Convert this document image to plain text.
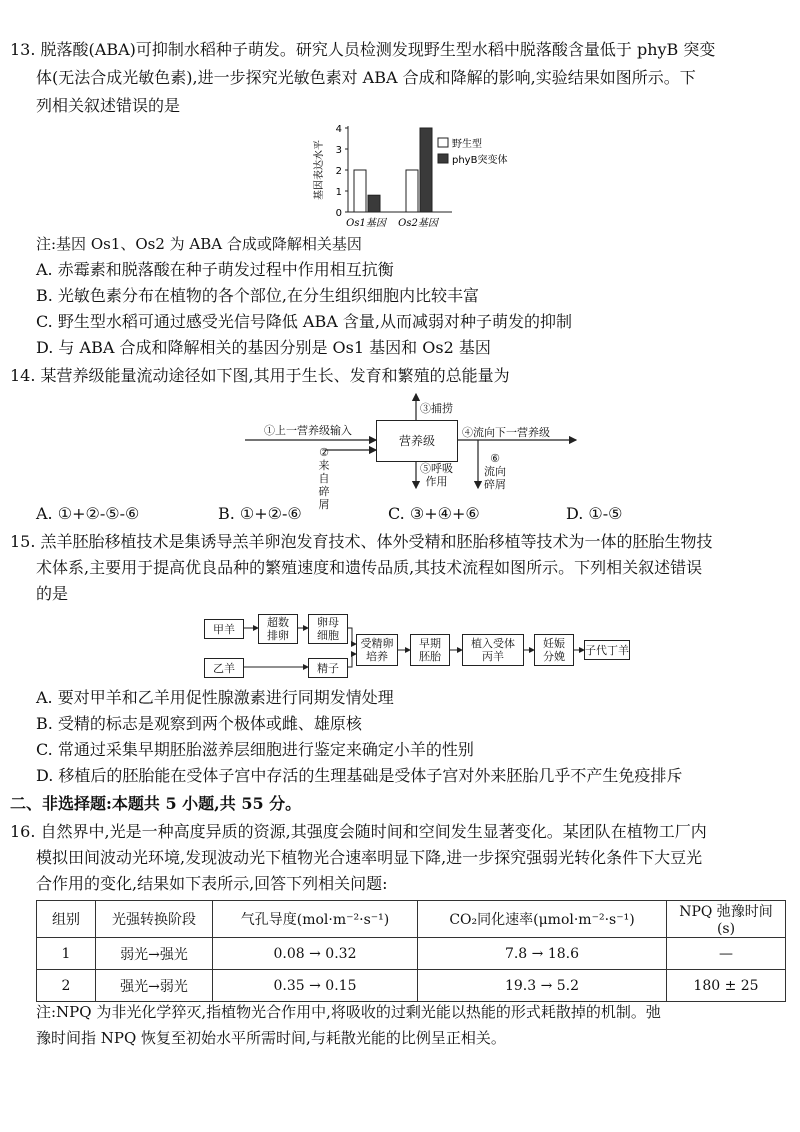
13. 脱落酸(ABA)可抑制水稻种子萌发。研究人员检测发现野生型水稻中脱落酸含量低于 phyB 突变
体(无法合成光敏色素),进一步探究光敏色素对 ABA 合成和降解的影响,实验结果如图所示。下
列相关叙述错误的是
0
1
2
3
4
基因表达水平
Os1基因 Os2基因
野生型
phyB突变体
注:基因 Os1、Os2 为 ABA 合成或降解相关基因
A. 赤霉素和脱落酸在种子萌发过程中作用相互抗衡
B. 光敏色素分布在植物的各个部位,在分生组织细胞内比较丰富
C. 野生型水稻可通过感受光信号降低 ABA 含量,从而减弱对种子萌发的抑制
D. 与 ABA 合成和降解相关的基因分别是 Os1 基因和 Os2 基因
14. 某营养级能量流动途径如下图,其用于生长、发育和繁殖的总能量为
营养级
①上一营养级输入
②
来自
碎屑
③捕捞
④流向下一营养级
⑤呼吸
作用
⑥
流向
碎屑
A. ①+②-⑤-⑥	B. ①+②-⑥	C. ③+④+⑥	D. ①-⑤
15. 羔羊胚胎移植技术是集诱导羔羊卵泡发育技术、体外受精和胚胎移植等技术为一体的胚胎生物技
术体系,主要用于提高优良品种的繁殖速度和遗传品质,其技术流程如图所示。下列相关叙述错误
的是
甲羊	超数
排卵
卵母
细胞
乙羊	精子
受精卵
培养
早期
胚胎
植入受体
丙羊
妊娠
分娩 子代丁羊
A. 要对甲羊和乙羊用促性腺激素进行同期发情处理
B. 受精的标志是观察到两个极体或雌、雄原核
C. 常通过采集早期胚胎滋养层细胞进行鉴定来确定小羊的性别
D. 移植后的胚胎能在受体子宫中存活的生理基础是受体子宫对外来胚胎几乎不产生免疫排斥
二、非选择题:本题共 5 小题,共 55 分。
16. 自然界中,光是一种高度异质的资源,其强度会随时间和空间发生显著变化。某团队在植物工厂内
模拟田间波动光环境,发现波动光下植物光合速率明显下降,进一步探究强弱光转化条件下大豆光
合作用的变化,结果如下表所示,回答下列相关问题:
组别	光强转换阶段	气孔导度(mol·m⁻²·s⁻¹)	CO₂同化速率(μmol·m⁻²·s⁻¹)	NPQ 弛豫时间(s)
1	弱光→强光	0.08 → 0.32	7.8 → 18.6	—
2	强光→弱光	0.35 → 0.15	19.3 → 5.2	180 ± 25
注:NPQ 为非光化学猝灭,指植物光合作用中,将吸收的过剩光能以热能的形式耗散掉的机制。弛
豫时间指 NPQ 恢复至初始水平所需时间,与耗散光能的比例呈正相关。
